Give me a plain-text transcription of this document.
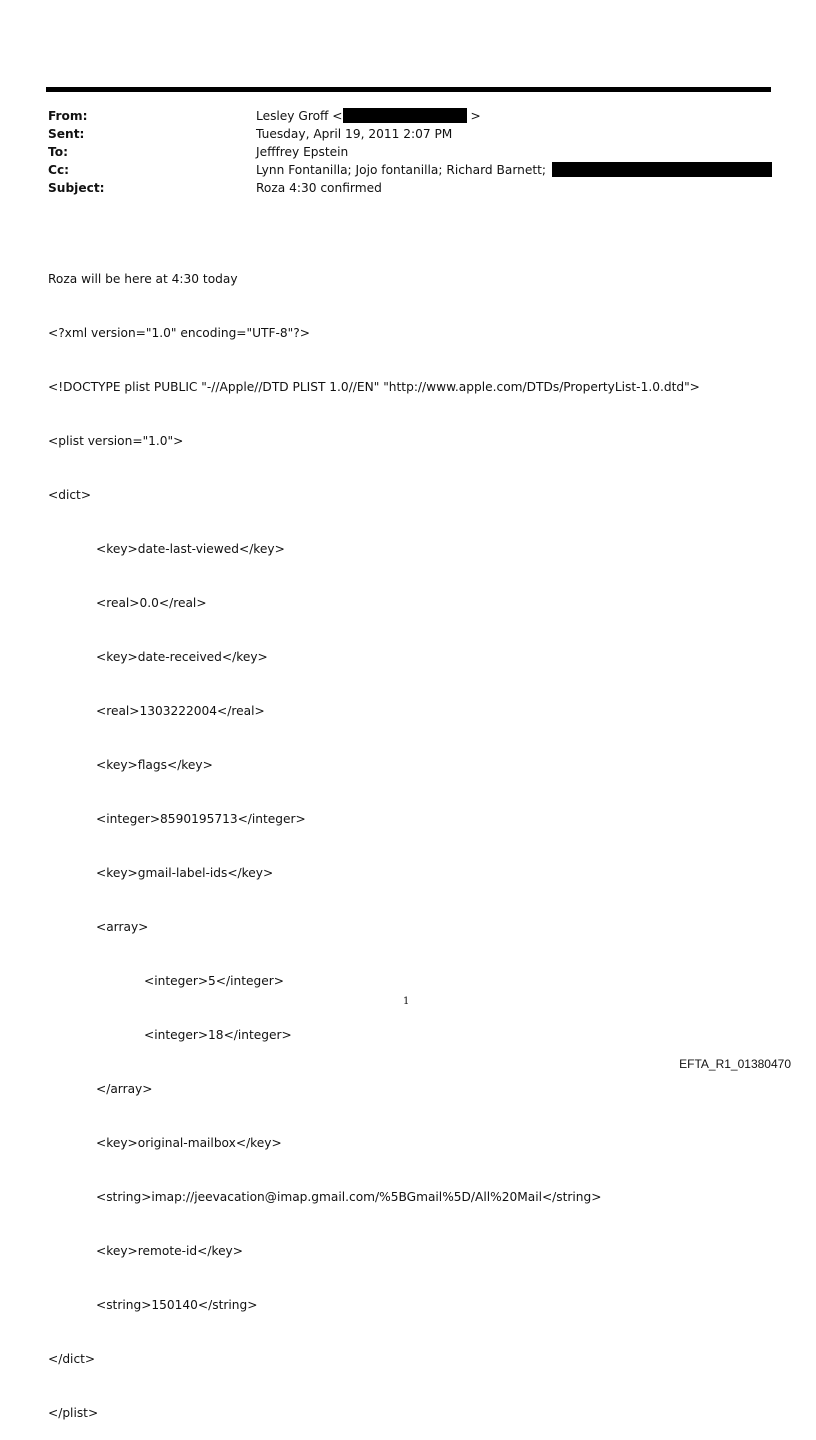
From:	Lesley Groff <	>
Sent:	Tuesday, April 19, 2011 2:07 PM
To:	Jefffrey Epstein
Cc:	Lynn Fontanilla; Jojo fontanilla; Richard Barnett;
Subject:	Roza 4:30 confirmed

Roza will be here at 4:30 today

<?xml version="1.0" encoding="UTF-8"?>

<!DOCTYPE plist PUBLIC "-//Apple//DTD PLIST 1.0//EN" "http://www.apple.com/DTDs/PropertyList-1.0.dtd">

<plist version="1.0">

<dict>

<key>date-last-viewed</key>

<real>0.0</real>

<key>date-received</key>

<real>1303222004</real>

<key>flags</key>

<integer>8590195713</integer>

<key>gmail-label-ids</key>

<array>

<integer>5</integer>

<integer>18</integer>

</array>

<key>original-mailbox</key>

<string>imap://jeevacation@imap.gmail.com/%5BGmail%5D/All%20Mail</string>

<key>remote-id</key>

<string>150140</string>

</dict>

</plist>

1
EFTA_R1_01380470
